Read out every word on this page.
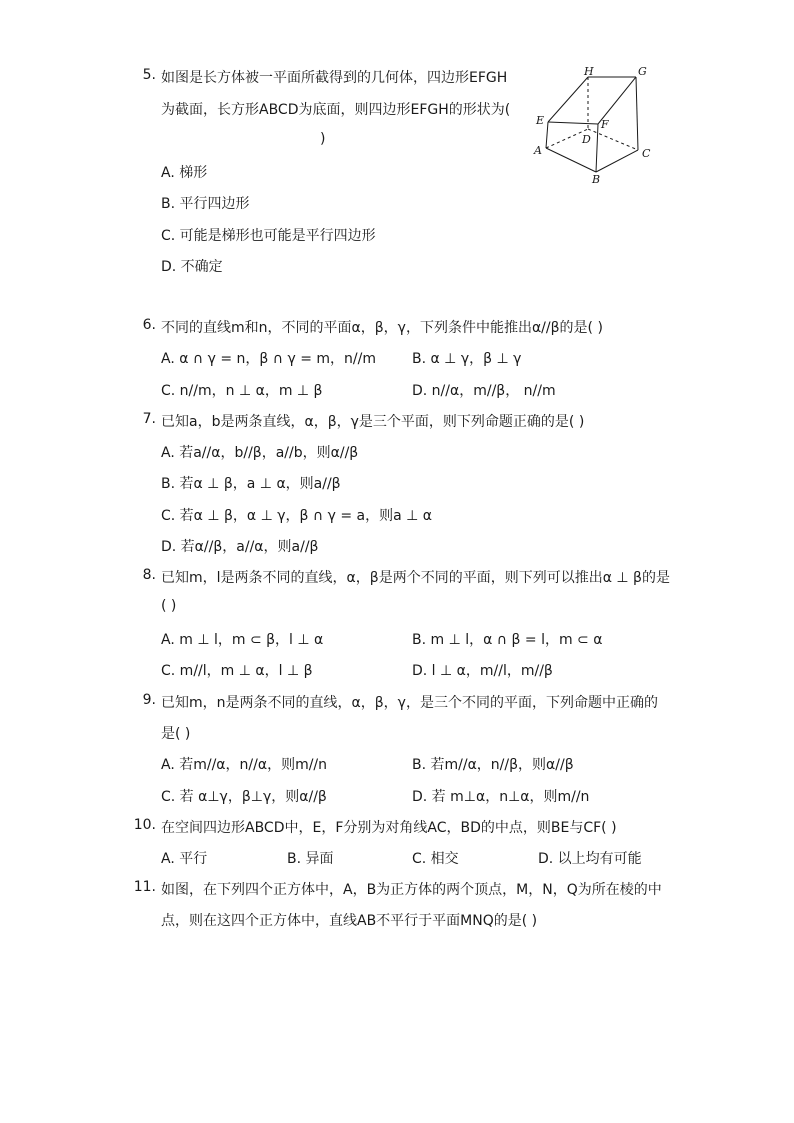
5. 如图是长方体被一平面所截得到的几何体，四边形EFGH
为截面，长方形ABCD为底面，则四边形EFGH的形状为(
)
A. 梯形
B. 平行四边形
C. 可能是梯形也可能是平行四边形
D. 不确定
H	G
E	F
D
A	C
B
6. 不同的直线m和n，不同的平面α，β，γ，下列条件中能推出α//β的是( )
A. α ∩ γ = n，β ∩ γ = m，n//m	B. α ⊥ γ，β ⊥ γ
C. n//m，n ⊥ α，m ⊥ β	D. n//α，m//β， n//m
7. 已知a，b是两条直线，α，β，γ是三个平面，则下列命题正确的是( )
A. 若a//α，b//β，a//b，则α//β
B. 若α ⊥ β，a ⊥ α，则a//β
C. 若α ⊥ β，α ⊥ γ，β ∩ γ = a，则a ⊥ α
D. 若α//β，a//α，则a//β
8. 已知m，l是两条不同的直线，α，β是两个不同的平面，则下列可以推出α ⊥ β的是
( )
A. m ⊥ l，m ⊂ β，l ⊥ α	B. m ⊥ l，α ∩ β = l，m ⊂ α
C. m//l，m ⊥ α，l ⊥ β	D. l ⊥ α，m//l，m//β
9. 已知m，n是两条不同的直线，α，β，γ，是三个不同的平面，下列命题中正确的
是( )
A. 若m//α，n//α，则m//n	B. 若m//α，n//β，则α//β
C. 若 α⊥γ，β⊥γ，则α//β	D. 若 m⊥α，n⊥α，则m//n
10. 在空间四边形ABCD中，E，F分别为对角线AC，BD的中点，则BE与CF( )
A. 平行	B. 异面	C. 相交	D. 以上均有可能
11. 如图，在下列四个正方体中，A，B为正方体的两个顶点，M，N，Q为所在棱的中
点，则在这四个正方体中，直线AB不平行于平面MNQ的是( )
